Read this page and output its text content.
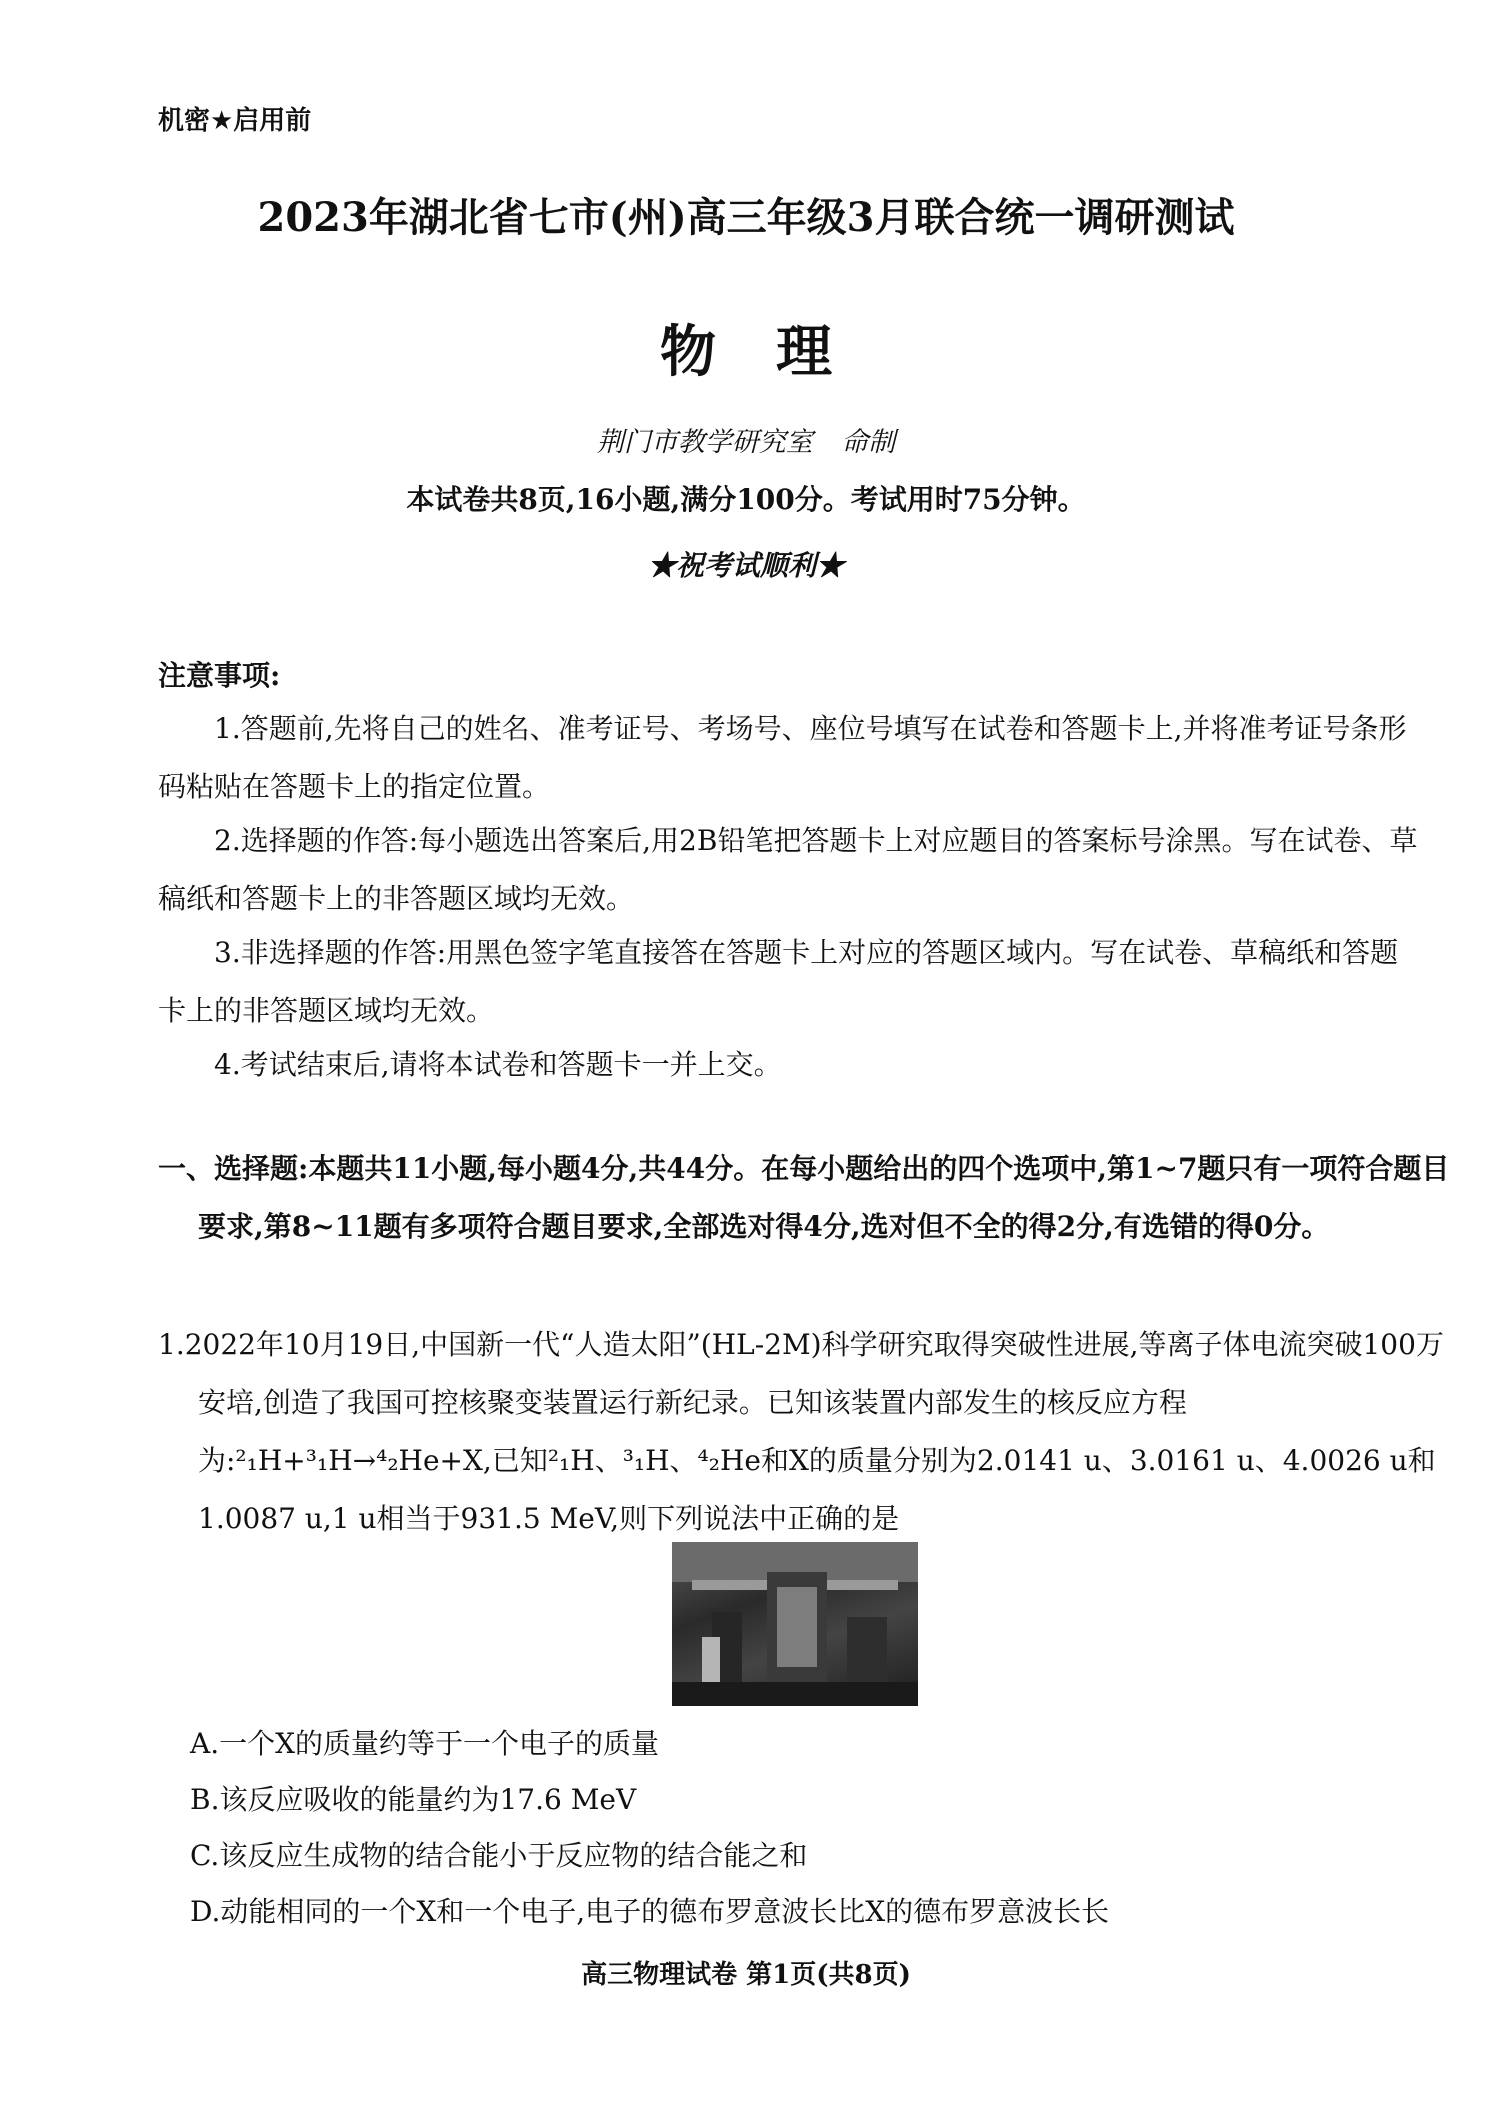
机密★启用前
2023年湖北省七市(州)高三年级3月联合统一调研测试
物理
荆门市教学研究室 命制
本试卷共8页,16小题,满分100分。考试用时75分钟。
★祝考试顺利★
注意事项:
1.答题前,先将自己的姓名、准考证号、考场号、座位号填写在试卷和答题卡上,并将准考证号条形码粘贴在答题卡上的指定位置。
2.选择题的作答:每小题选出答案后,用2B铅笔把答题卡上对应题目的答案标号涂黑。写在试卷、草稿纸和答题卡上的非答题区域均无效。
3.非选择题的作答:用黑色签字笔直接答在答题卡上对应的答题区域内。写在试卷、草稿纸和答题卡上的非答题区域均无效。
4.考试结束后,请将本试卷和答题卡一并上交。
一、选择题:本题共11小题,每小题4分,共44分。在每小题给出的四个选项中,第1~7题只有一项符合题目要求,第8~11题有多项符合题目要求,全部选对得4分,选对但不全的得2分,有选错的得0分。
1.2022年10月19日,中国新一代“人造太阳”(HL-2M)科学研究取得突破性进展,等离子体电流突破100万安培,创造了我国可控核聚变装置运行新纪录。已知该装置内部发生的核反应方程为:²₁H+³₁H→⁴₂He+X,已知²₁H、³₁H、⁴₂He和X的质量分别为2.0141 u、3.0161 u、4.0026 u和1.0087 u,1 u相当于931.5 MeV,则下列说法中正确的是
A.一个X的质量约等于一个电子的质量
B.该反应吸收的能量约为17.6 MeV
C.该反应生成物的结合能小于反应物的结合能之和
D.动能相同的一个X和一个电子,电子的德布罗意波长比X的德布罗意波长长
高三物理试卷 第1页(共8页)
